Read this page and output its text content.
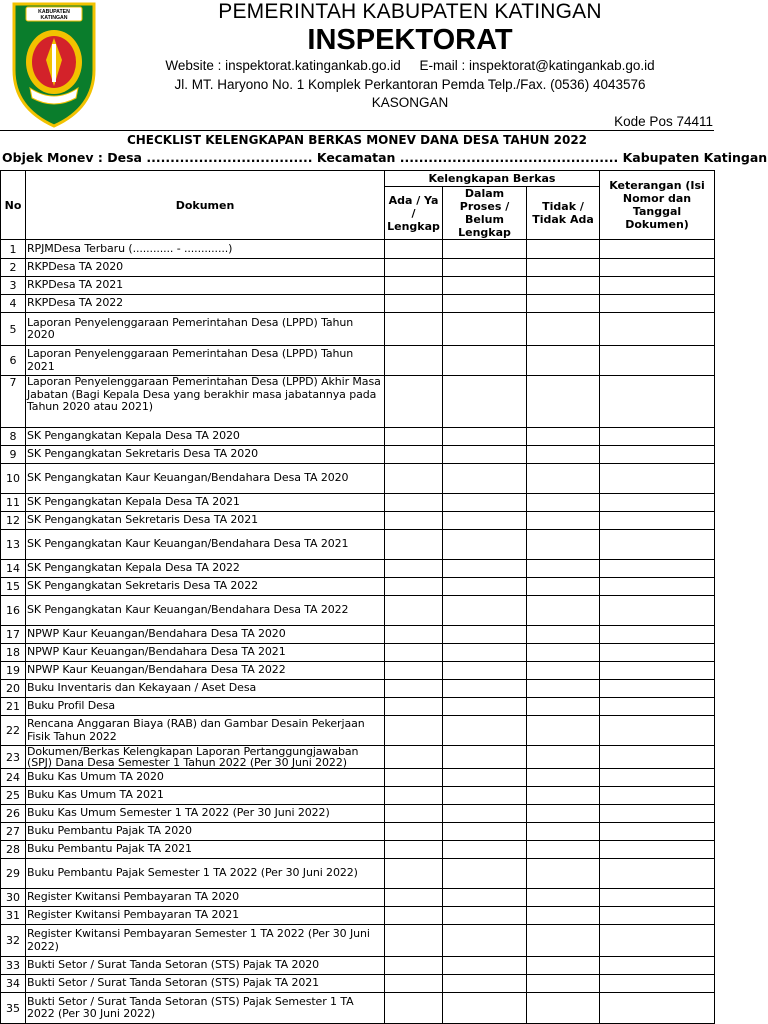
KABUPATEN
KATINGAN	PEMERINTAH KABUPATEN KATINGAN
INSPEKTORAT
Website : inspektorat.katingankab.go.id E-mail : inspektorat@katingankab.go.id
Jl. MT. Haryono No. 1 Komplek Perkantoran Pemda Telp./Fax. (0536) 4043576
KASONGAN
Kode Pos 74411
CHECKLIST KELENGKAPAN BERKAS MONEV DANA DESA TAHUN 2022
Objek Monev : Desa ................................... Kecamatan .............................................. Kabupaten Katingan
No	Dokumen	Kelengkapan Berkas			Keterangan (Isi Nomor dan Tanggal Dokumen)
		Ada / Ya / Lengkap	Dalam Proses / Belum Lengkap	Tidak / Tidak Ada	
1	RPJMDesa Terbaru (............ - .............)				
2	RKPDesa TA 2020				
3	RKPDesa TA 2021				
4	RKPDesa TA 2022				
5	Laporan Penyelenggaraan Pemerintahan Desa (LPPD) Tahun 2020				
6	Laporan Penyelenggaraan Pemerintahan Desa (LPPD) Tahun 2021				
7	Laporan Penyelenggaraan Pemerintahan Desa (LPPD) Akhir Masa Jabatan (Bagi Kepala Desa yang berakhir masa jabatannya pada Tahun 2020 atau 2021)				
8	SK Pengangkatan Kepala Desa TA 2020				
9	SK Pengangkatan Sekretaris Desa TA 2020				
10	SK Pengangkatan Kaur Keuangan/Bendahara Desa TA 2020				
11	SK Pengangkatan Kepala Desa TA 2021				
12	SK Pengangkatan Sekretaris Desa TA 2021				
13	SK Pengangkatan Kaur Keuangan/Bendahara Desa TA 2021				
14	SK Pengangkatan Kepala Desa TA 2022				
15	SK Pengangkatan Sekretaris Desa TA 2022				
16	SK Pengangkatan Kaur Keuangan/Bendahara Desa TA 2022				
17	NPWP Kaur Keuangan/Bendahara Desa TA 2020				
18	NPWP Kaur Keuangan/Bendahara Desa TA 2021				
19	NPWP Kaur Keuangan/Bendahara Desa TA 2022				
20	Buku Inventaris dan Kekayaan / Aset Desa				
21	Buku Profil Desa				
22	Rencana Anggaran Biaya (RAB) dan Gambar Desain Pekerjaan Fisik Tahun 2022				
23	Dokumen/Berkas Kelengkapan Laporan Pertanggungjawaban (SPJ) Dana Desa Semester 1 Tahun 2022 (Per 30 Juni 2022)				
24	Buku Kas Umum TA 2020				
25	Buku Kas Umum TA 2021				
26	Buku Kas Umum Semester 1 TA 2022 (Per 30 Juni 2022)				
27	Buku Pembantu Pajak TA 2020				
28	Buku Pembantu Pajak TA 2021				
29	Buku Pembantu Pajak Semester 1 TA 2022 (Per 30 Juni 2022)				
30	Register Kwitansi Pembayaran TA 2020				
31	Register Kwitansi Pembayaran TA 2021				
32	Register Kwitansi Pembayaran Semester 1 TA 2022 (Per 30 Juni 2022)				
33	Bukti Setor / Surat Tanda Setoran (STS) Pajak TA 2020				
34	Bukti Setor / Surat Tanda Setoran (STS) Pajak TA 2021				
35	Bukti Setor / Surat Tanda Setoran (STS) Pajak Semester 1 TA 2022 (Per 30 Juni 2022)				
